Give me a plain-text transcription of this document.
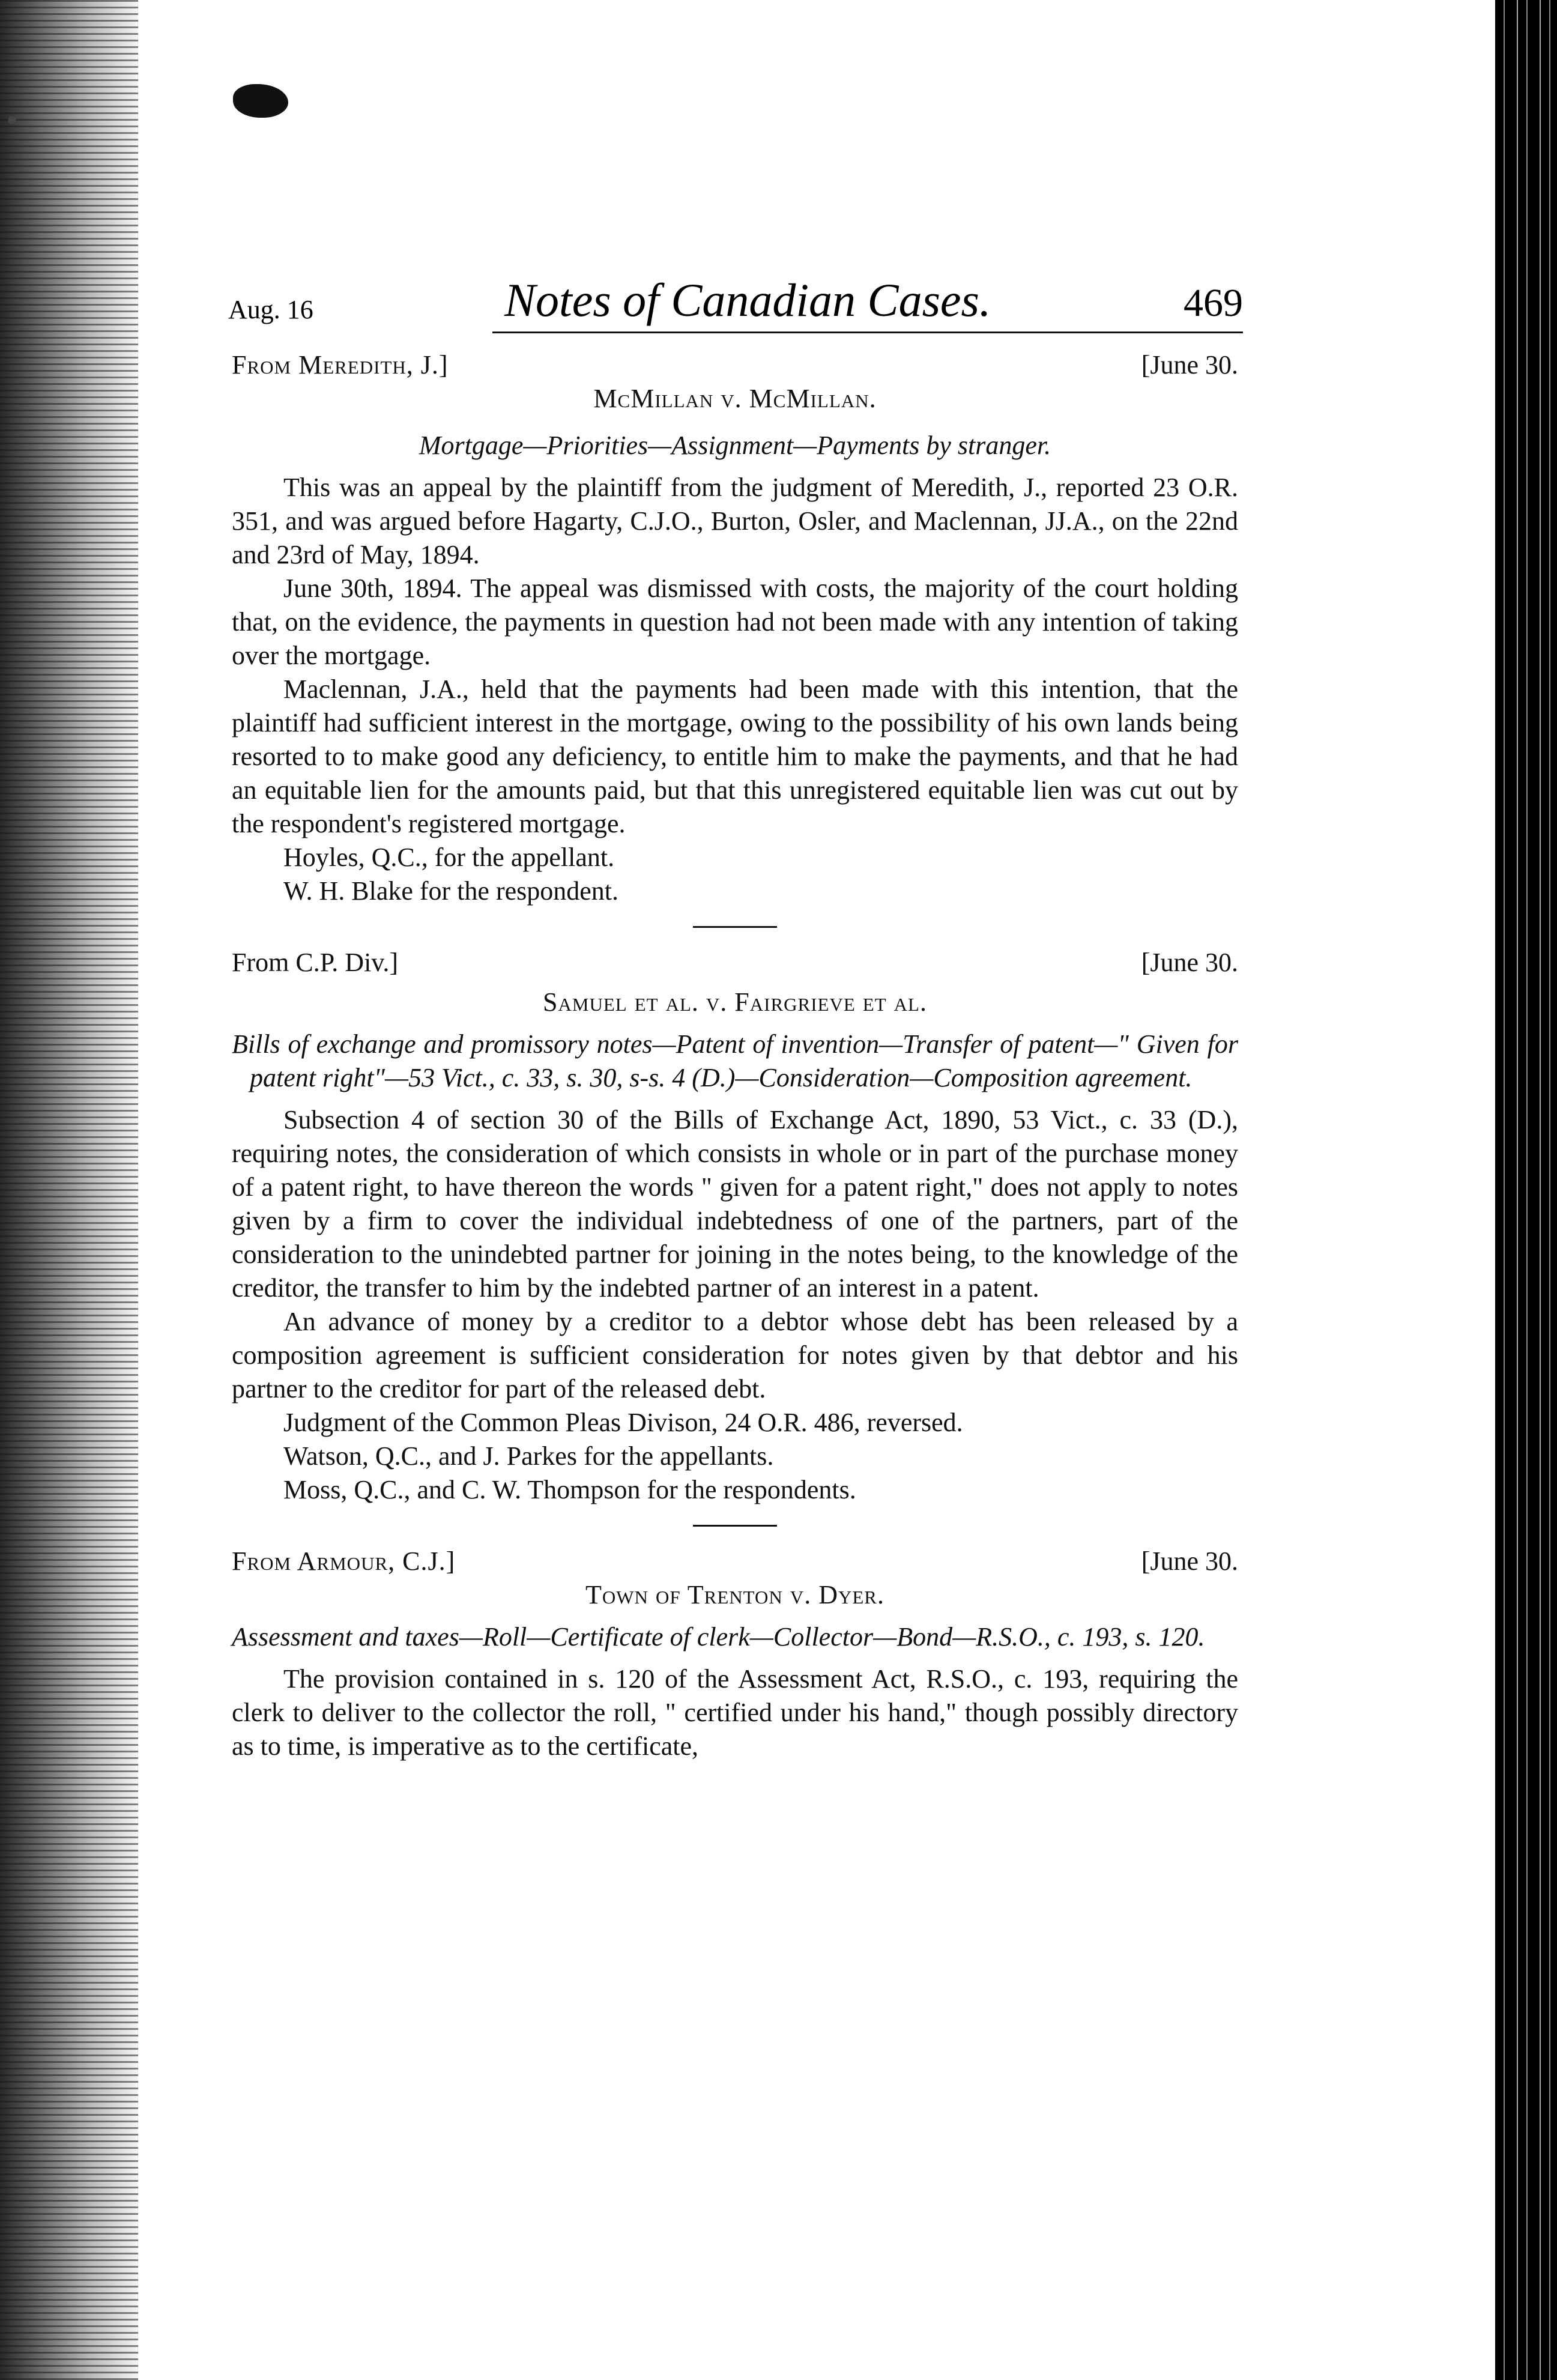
Aug. 16	Notes of Canadian Cases.	469
From Meredith, J.]	[June 30.
McMillan v. McMillan.
Mortgage—Priorities—Assignment—Payments by stranger.

This was an appeal by the plaintiff from the judgment of Meredith, J., reported 23 O.R. 351, and was argued before Hagarty, C.J.O., Burton, Osler, and Maclennan, JJ.A., on the 22nd and 23rd of May, 1894.

June 30th, 1894. The appeal was dismissed with costs, the majority of the court holding that, on the evidence, the payments in question had not been made with any intention of taking over the mortgage.

Maclennan, J.A., held that the payments had been made with this intention, that the plaintiff had sufficient interest in the mortgage, owing to the possibility of his own lands being resorted to to make good any deficiency, to entitle him to make the payments, and that he had an equitable lien for the amounts paid, but that this unregistered equitable lien was cut out by the respondent's registered mortgage.

Hoyles, Q.C., for the appellant.
W. H. Blake for the respondent.
From C.P. Div.]	[June 30.
Samuel et al. v. Fairgrieve et al.
Bills of exchange and promissory notes—Patent of invention—Transfer of patent—" Given for patent right"—53 Vict., c. 33, s. 30, s-s. 4 (D.)—Consideration—Composition agreement.

Subsection 4 of section 30 of the Bills of Exchange Act, 1890, 53 Vict., c. 33 (D.), requiring notes, the consideration of which consists in whole or in part of the purchase money of a patent right, to have thereon the words " given for a patent right," does not apply to notes given by a firm to cover the individual indebtedness of one of the partners, part of the consideration to the unindebted partner for joining in the notes being, to the knowledge of the creditor, the transfer to him by the indebted partner of an interest in a patent.

An advance of money by a creditor to a debtor whose debt has been released by a composition agreement is sufficient consideration for notes given by that debtor and his partner to the creditor for part of the released debt.

Judgment of the Common Pleas Divison, 24 O.R. 486, reversed.

Watson, Q.C., and J. Parkes for the appellants.
Moss, Q.C., and C. W. Thompson for the respondents.
From Armour, C.J.]	[June 30.
Town of Trenton v. Dyer.
Assessment and taxes—Roll—Certificate of clerk—Collector—Bond—R.S.O., c. 193, s. 120.

The provision contained in s. 120 of the Assessment Act, R.S.O., c. 193, requiring the clerk to deliver to the collector the roll, " certified under his hand," though possibly directory as to time, is imperative as to the certificate,
